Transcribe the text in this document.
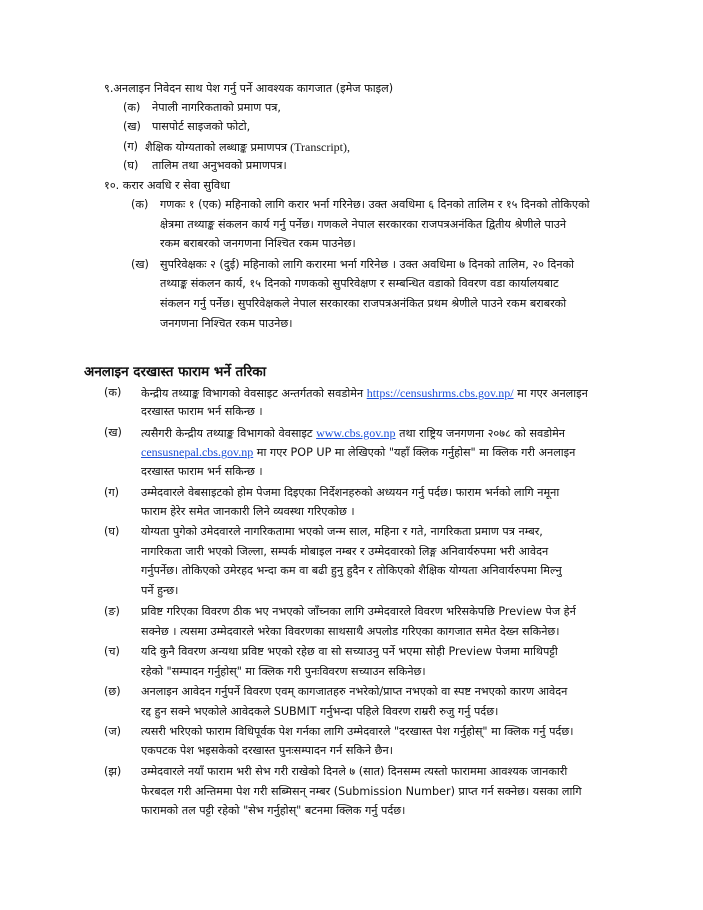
९.अनलाइन निवेदन साथ पेश गर्नु पर्ने आवश्यक कागजात (इमेज फाइल)
(क) नेपाली नागरिकताको प्रमाण पत्र,
(ख) पासपोर्ट साइजको फोटो,
(ग) शैक्षिक योग्यताको लब्धाङ्क प्रमाणपत्र (Transcript),
(घ) तालिम तथा अनुभवको प्रमाणपत्र।
१०. करार अवधि र सेवा सुविधा
(क) गणकः १ (एक) महिनाको लागि करार भर्ना गरिनेछ। उक्त अवधिमा ६ दिनको तालिम र १५ दिनको तोकिएको
क्षेत्रमा तथ्याङ्क संकलन कार्य गर्नु पर्नेछ। गणकले नेपाल सरकारका राजपत्रअनंकित द्वितीय श्रेणीले पाउने
रकम बराबरको जनगणना निश्चित रकम पाउनेछ।
(ख) सुपरिवेक्षकः २ (दुई) महिनाको लागि करारमा भर्ना गरिनेछ । उक्त अवधिमा ७ दिनको तालिम, २० दिनको
तथ्याङ्क संकलन कार्य, १५ दिनको गणकको सुपरिवेक्षण र सम्बन्धित वडाको विवरण वडा कार्यालयबाट
संकलन गर्नु पर्नेछ। सुपरिवेक्षकले नेपाल सरकारका राजपत्रअनंकित प्रथम श्रेणीले पाउने रकम बराबरको
जनगणना निश्चित रकम पाउनेछ।
अनलाइन दरखास्त फाराम भर्ने तरिका
(क) केन्द्रीय तथ्याङ्क विभागको वेवसाइट अन्तर्गतको सवडोमेन https://censushrms.cbs.gov.np/ मा गएर अनलाइन
दरखास्त फाराम भर्न सकिन्छ ।
(ख) त्यसैगरी केन्द्रीय तथ्याङ्क विभागको वेवसाइट www.cbs.gov.np तथा राष्ट्रिय जनगणना २०७८ को सवडोमेन
censusnepal.cbs.gov.np मा गएर POP UP मा लेखिएको "यहाँ क्लिक गर्नुहोस" मा क्लिक गरी अनलाइन
दरखास्त फाराम भर्न सकिन्छ ।
(ग) उम्मेदवारले वेबसाइटको होम पेजमा दिइएका निर्देशनहरुको अध्ययन गर्नु पर्दछ। फाराम भर्नको लागि नमूना
फाराम हेरेर समेत जानकारी लिने व्यवस्था गरिएकोछ ।
(घ) योग्यता पुगेको उमेदवारले नागरिकतामा भएको जन्म साल, महिना र गते, नागरिकता प्रमाण पत्र नम्बर,
नागरिकता जारी भएको जिल्ला, सम्पर्क मोबाइल नम्बर र उम्मेदवारको लिङ्ग अनिवार्यरुपमा भरी आवेदन
गर्नुपर्नेछ। तोकिएको उमेरहद भन्दा कम वा बढी हुनु हुदैन र तोकिएको शैक्षिक योग्यता अनिवार्यरुपमा मिल्नु
पर्ने हुन्छ।
(ङ) प्रविष्ट गरिएका विवरण ठीक भए नभएको जाँच्नका लागि उम्मेदवारले विवरण भरिसकेपछि Preview पेज हेर्न
सक्नेछ । त्यसमा उम्मेदवारले भरेका विवरणका साथसाथै अपलोड गरिएका कागजात समेत देख्न सकिनेछ।
(च) यदि कुनै विवरण अन्यथा प्रविष्ट भएको रहेछ वा सो सच्याउनु पर्ने भएमा सोही Preview पेजमा माथिपट्टी
रहेको "सम्पादन गर्नुहोस्" मा क्लिक गरी पुनःविवरण सच्याउन सकिनेछ।
(छ) अनलाइन आवेदन गर्नुपर्ने विवरण एवम् कागजातहरु नभरेको/प्राप्त नभएको वा स्पष्ट नभएको कारण आवेदन
रद्द हुन सक्ने भएकोले आवेदकले SUBMIT गर्नुभन्दा पहिले विवरण राम्ररी रुजु गर्नु पर्दछ।
(ज) त्यसरी भरिएको फाराम विधिपूर्वक पेश गर्नका लागि उम्मेदवारले "दरखास्त पेश गर्नुहोस्" मा क्लिक गर्नु पर्दछ।
एकपटक पेश भइसकेको दरखास्त पुनःसम्पादन गर्न सकिने छैन।
(झ) उम्मेदवारले नयाँ फाराम भरी सेभ गरी राखेको दिनले ७ (सात) दिनसम्म त्यस्तो फाराममा आवश्यक जानकारी
फेरबदल गरी अन्तिममा पेश गरी सब्मिसन् नम्बर (Submission Number) प्राप्त गर्न सक्नेछ। यसका लागि
फारामको तल पट्टी रहेको "सेभ गर्नुहोस्" बटनमा क्लिक गर्नु पर्दछ।
